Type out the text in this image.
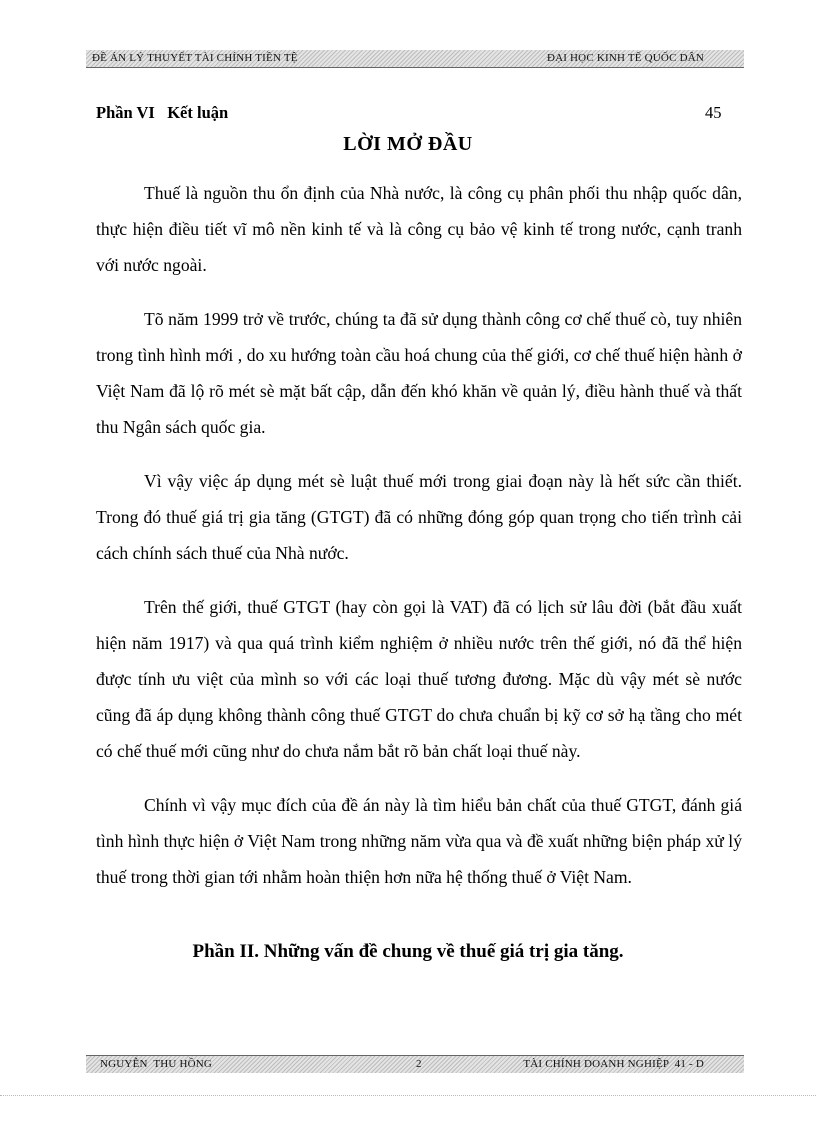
ĐỀ ÁN LÝ THUYẾT TÀI CHÍNH TIỀN TỆ	ĐẠI HỌC KINH TẾ QUỐC DÂN
Phần VI   Kết luận	45
LỜI MỞ ĐẦU

Thuế là nguồn thu ổn định của Nhà nước, là công cụ phân phối thu nhập quốc dân, thực hiện điều tiết vĩ mô nền kinh tế và là công cụ bảo vệ kinh tế trong nước, cạnh tranh với nước ngoài.

Tõ năm 1999 trở về trước, chúng ta đã sử dụng thành công cơ chế thuế cò, tuy nhiên trong tình hình mới , do xu hướng toàn cầu hoá chung của thế giới, cơ chế thuế hiện hành ở Việt Nam đã lộ rõ mét sè mặt bất cập, dẫn đến khó khăn về quản lý, điều hành thuế và thất thu Ngân sách quốc gia.

Vì vậy việc áp dụng mét sè luật thuế mới trong giai đoạn này là hết sức cần thiết. Trong đó thuế giá trị gia tăng (GTGT) đã có những đóng góp quan trọng cho tiến trình cải cách chính sách thuế của Nhà nước.

Trên thế giới, thuế GTGT (hay còn gọi là VAT) đã có lịch sử lâu đời (bắt đầu xuất hiện năm 1917) và qua quá trình kiểm nghiệm ở nhiều nước trên thế giới, nó đã thể hiện được tính ưu việt của mình so với các loại thuế tương đương. Mặc dù vậy mét sè nước cũng đã áp dụng không thành công thuế GTGT do chưa chuẩn bị kỹ cơ sở hạ tầng cho mét có chế thuế mới cũng như do chưa nắm bắt rõ bản chất loại thuế này.

Chính vì vậy mục đích của đề án này là tìm hiểu bản chất của thuế GTGT, đánh giá tình hình thực hiện ở Việt Nam trong những năm vừa qua và đề xuất những biện pháp xử lý thuế trong thời gian tới nhằm hoàn thiện hơn nữa hệ thống thuế ở Việt Nam.

Phần II. Những vấn đề chung về thuế giá trị gia tăng.
NGUYỄN  THU HỒNG	2	TÀI CHÍNH DOANH NGHIỆP  41 - D
